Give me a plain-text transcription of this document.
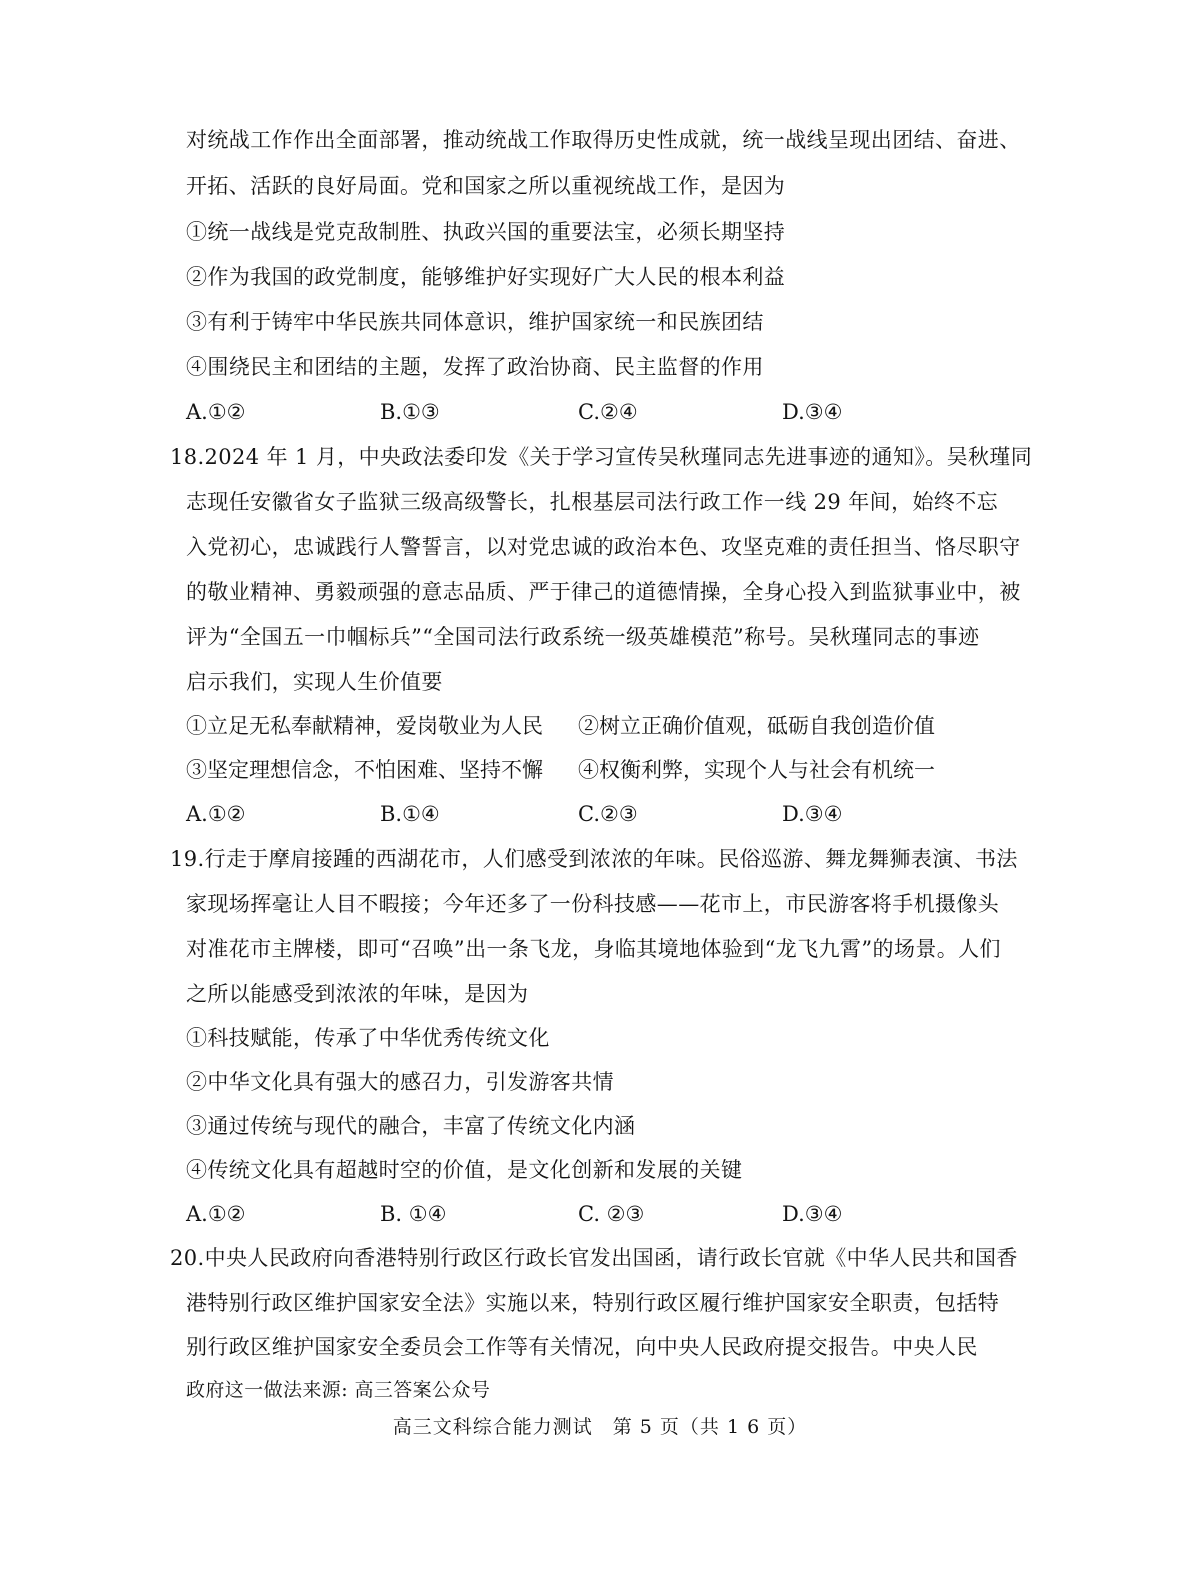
对统战工作作出全面部署，推动统战工作取得历史性成就，统一战线呈现出团结、奋进、
开拓、活跃的良好局面。党和国家之所以重视统战工作，是因为
①统一战线是党克敌制胜、执政兴国的重要法宝，必须长期坚持
②作为我国的政党制度，能够维护好实现好广大人民的根本利益
③有利于铸牢中华民族共同体意识，维护国家统一和民族团结
④围绕民主和团结的主题，发挥了政治协商、民主监督的作用
A.①②	B.①③	C.②④	D.③④
18.2024 年 1 月，中央政法委印发《关于学习宣传吴秋瑾同志先进事迹的通知》。吴秋瑾同
志现任安徽省女子监狱三级高级警长，扎根基层司法行政工作一线 29 年间，始终不忘
入党初心，忠诚践行人警誓言，以对党忠诚的政治本色、攻坚克难的责任担当、恪尽职守
的敬业精神、勇毅顽强的意志品质、严于律己的道德情操，全身心投入到监狱事业中，被
评为“全国五一巾帼标兵”“全国司法行政系统一级英雄模范”称号。吴秋瑾同志的事迹
启示我们，实现人生价值要
①立足无私奉献精神，爱岗敬业为人民 ②树立正确价值观，砥砺自我创造价值
③坚定理想信念，不怕困难、坚持不懈 ④权衡利弊，实现个人与社会有机统一
A.①②	B.①④	C.②③	D.③④
19.行走于摩肩接踵的西湖花市，人们感受到浓浓的年味。民俗巡游、舞龙舞狮表演、书法
家现场挥毫让人目不暇接；今年还多了一份科技感——花市上，市民游客将手机摄像头
对准花市主牌楼，即可“召唤”出一条飞龙，身临其境地体验到“龙飞九霄”的场景。人们
之所以能感受到浓浓的年味，是因为
①科技赋能，传承了中华优秀传统文化
②中华文化具有强大的感召力，引发游客共情
③通过传统与现代的融合，丰富了传统文化内涵
④传统文化具有超越时空的价值，是文化创新和发展的关键
A.①②	B. ①④	C. ②③	D.③④
20.中央人民政府向香港特别行政区行政长官发出国函，请行政长官就《中华人民共和国香
港特别行政区维护国家安全法》实施以来，特别行政区履行维护国家安全职责，包括特
别行政区维护国家安全委员会工作等有关情况，向中央人民政府提交报告。中央人民
政府这一做法来源: 高三答案公众号
高三文科综合能力测试　第 5 页（共 1 6 页）
